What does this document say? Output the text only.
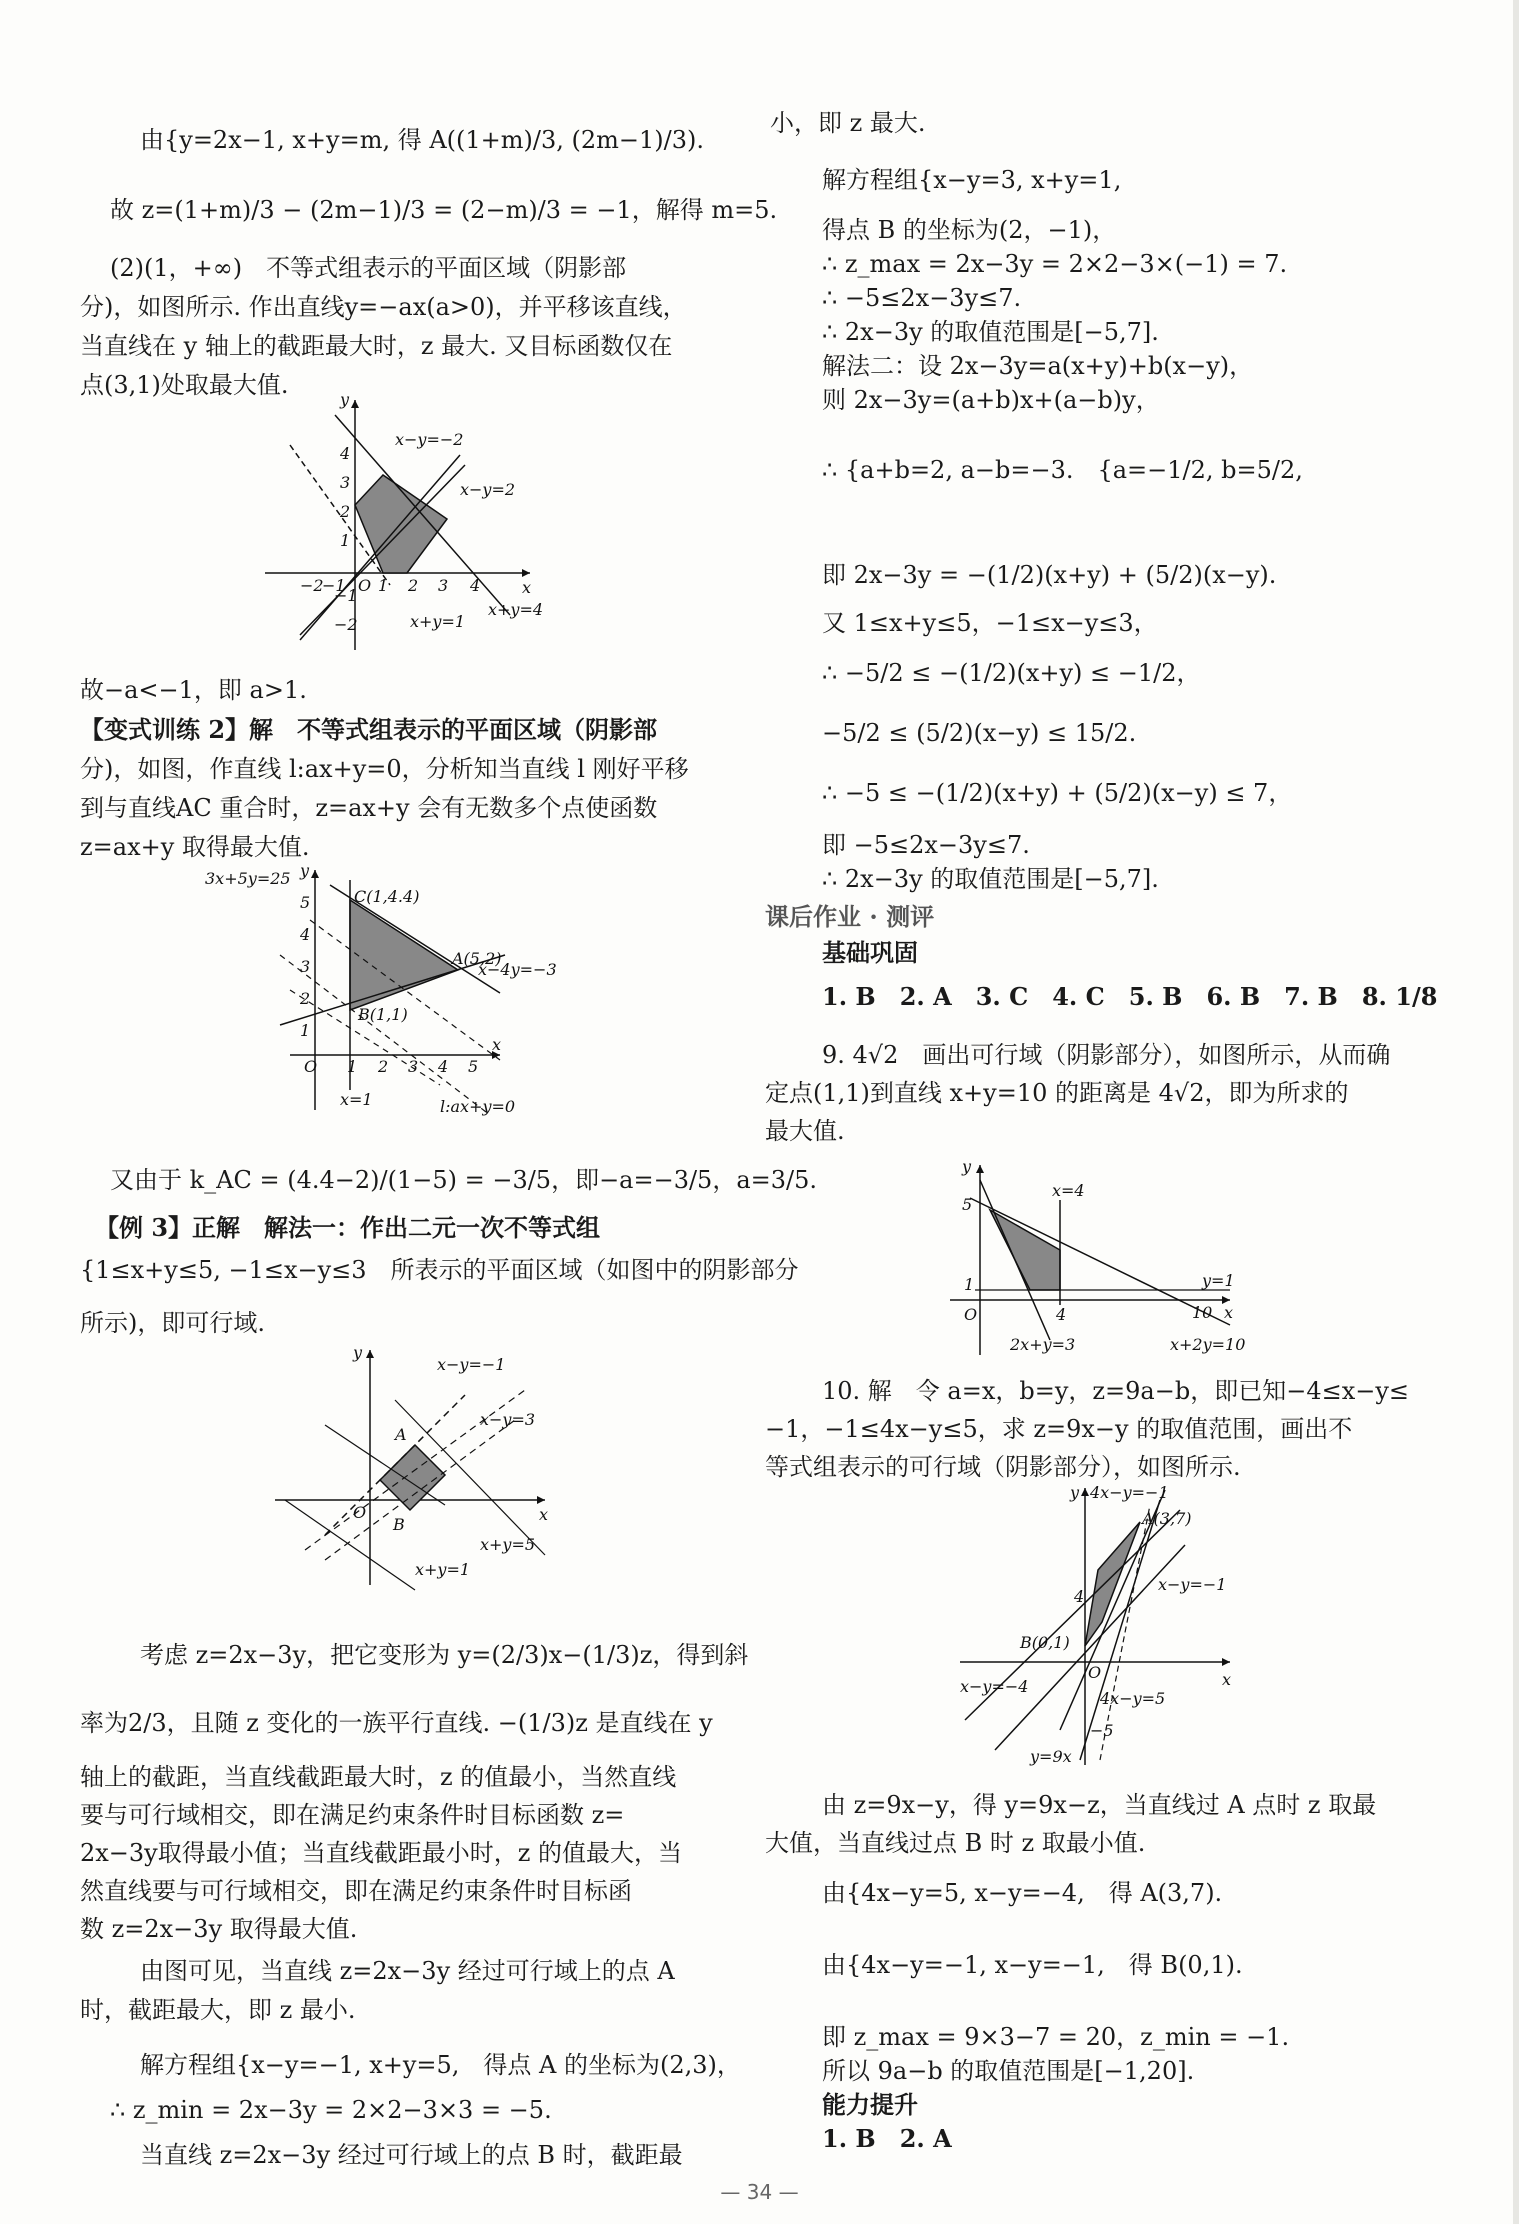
由{y=2x−1, x+y=m, 得 A((1+m)/3, (2m−1)/3).
故 z=(1+m)/3 − (2m−1)/3 = (2−m)/3 = −1，解得 m=5.
(2)(1，+∞)　不等式组表示的平面区域（阴影部
分)，如图所示. 作出直线y=−ax(a>0)，并平移该直线，
当直线在 y 轴上的截距最大时，z 最大. 又目标函数仅在
点(3,1)处取最大值.
y
x
O
4
3
2
1
−1
−2
−2
−1 1 2 3 4
x−y=−2
x−y=2
x+y=4
x+y=1
故−a<−1，即 a>1.
【变式训练 2】解　不等式组表示的平面区域（阴影部
分)，如图，作直线 l:ax+y=0，分析知当直线 l 刚好平移
到与直线AC 重合时，z=ax+y 会有无数多个点使函数
z=ax+y 取得最大值.
y
x
O
C(1,4.4)
A(5,2)
B(1,1)
3x+5y=25
x−4y=−3
x=1	l:ax+y=0
5
4
3
2
1
1 2 3 4 5
又由于 k_AC = (4.4−2)/(1−5) = −3/5，即−a=−3/5，a=3/5.
【例 3】正解　解法一：作出二元一次不等式组
{1≤x+y≤5, −1≤x−y≤3　所表示的平面区域（如图中的阴影部分
所示)，即可行域.
y
x
O
A
B
x−y=−1
x−y=3
x+y=5
x+y=1
考虑 z=2x−3y，把它变形为 y=(2/3)x−(1/3)z，得到斜
率为2/3，且随 z 变化的一族平行直线. −(1/3)z 是直线在 y
轴上的截距，当直线截距最大时，z 的值最小，当然直线
要与可行域相交，即在满足约束条件时目标函数 z=
2x−3y取得最小值；当直线截距最小时，z 的值最大，当
然直线要与可行域相交，即在满足约束条件时目标函
数 z=2x−3y 取得最大值.
由图可见，当直线 z=2x−3y 经过可行域上的点 A
时，截距最大，即 z 最小.
解方程组{x−y=−1, x+y=5,　得点 A 的坐标为(2,3)，
∴ z_min = 2x−3y = 2×2−3×3 = −5.
当直线 z=2x−3y 经过可行域上的点 B 时，截距最
小，即 z 最大.
解方程组{x−y=3, x+y=1,
得点 B 的坐标为(2，−1)，
∴ z_max = 2x−3y = 2×2−3×(−1) = 7.
∴ −5≤2x−3y≤7.
∴ 2x−3y 的取值范围是[−5,7].
解法二：设 2x−3y=a(x+y)+b(x−y)，
则 2x−3y=(a+b)x+(a−b)y，
∴ {a+b=2, a−b=−3.　{a=−1/2, b=5/2,
即 2x−3y = −(1/2)(x+y) + (5/2)(x−y).
又 1≤x+y≤5，−1≤x−y≤3，
∴ −5/2 ≤ −(1/2)(x+y) ≤ −1/2，
−5/2 ≤ (5/2)(x−y) ≤ 15/2.
∴ −5 ≤ −(1/2)(x+y) + (5/2)(x−y) ≤ 7，
即 −5≤2x−3y≤7.
∴ 2x−3y 的取值范围是[−5,7].
课后作业 · 测评
基础巩固
1. B　2. A　3. C　4. C　5. B　6. B　7. B　8. 1/8
9. 4√2　画出可行域（阴影部分），如图所示，从而确
定点(1,1)到直线 x+y=10 的距离是 4√2，即为所求的
最大值.
y
x
O
5
1
4	10
x=4
y=1
2x+y=3	x+2y=10
10. 解　令 a=x，b=y，z=9a−b，即已知−4≤x−y≤
−1，−1≤4x−y≤5，求 z=9x−y 的取值范围，画出不
等式组表示的可行域（阴影部分），如图所示.
y
x
O
A(3,7)
B(0,1)
4
−5
4x−y=−1
x−y=−1
4x−y=5
x−y=−4
y=9x
由 z=9x−y，得 y=9x−z，当直线过 A 点时 z 取最
大值，当直线过点 B 时 z 取最小值.
由{4x−y=5, x−y=−4,　得 A(3,7).
由{4x−y=−1, x−y=−1,　得 B(0,1).
即 z_max = 9×3−7 = 20，z_min = −1.
所以 9a−b 的取值范围是[−1,20].
能力提升
1. B　2. A
— 34 —
